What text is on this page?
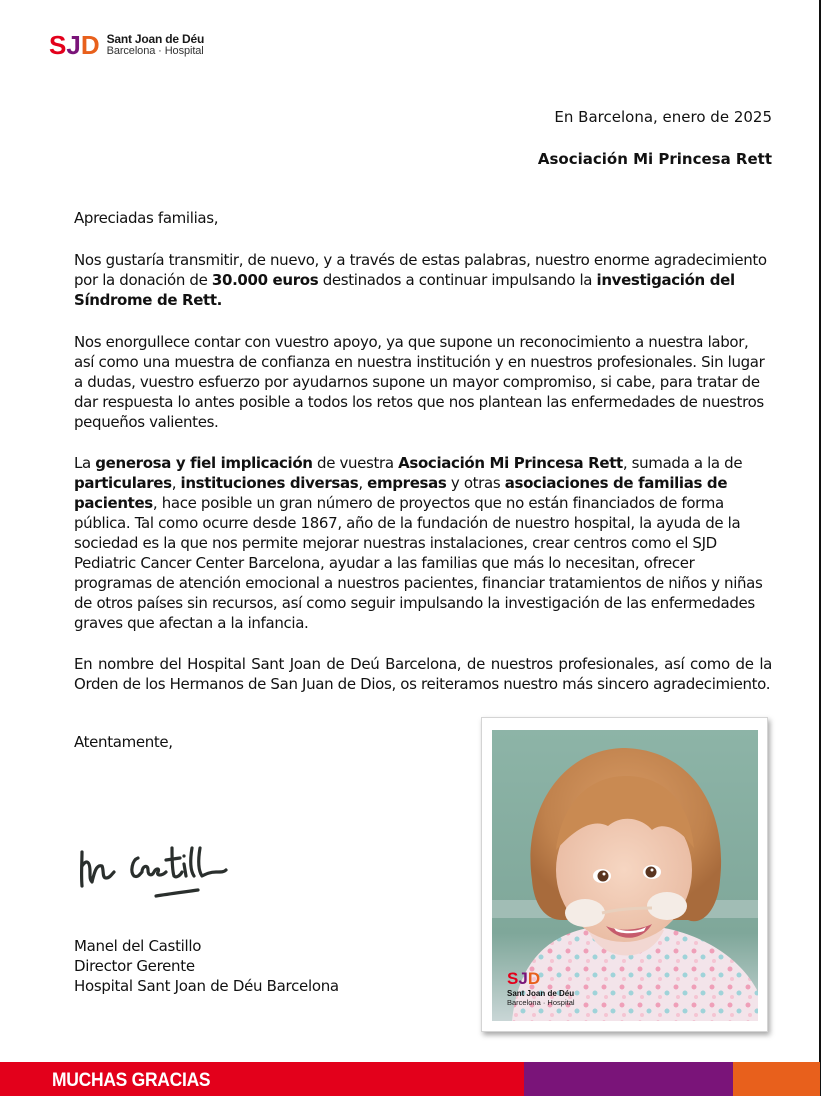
SJD Sant Joan de Déu
Barcelona · Hospital
En Barcelona, enero de 2025
Asociación Mi Princesa Rett

Apreciadas familias,

Nos gustaría transmitir, de nuevo, y a través de estas palabras, nuestro enorme agradecimiento por la donación de 30.000 euros destinados a continuar impulsando la investigación del Síndrome de Rett.

Nos enorgullece contar con vuestro apoyo, ya que supone un reconocimiento a nuestra labor, así como una muestra de confianza en nuestra institución y en nuestros profesionales. Sin lugar a dudas, vuestro esfuerzo por ayudarnos supone un mayor compromiso, si cabe, para tratar de dar respuesta lo antes posible a todos los retos que nos plantean las enfermedades de nuestros pequeños valientes.

La generosa y fiel implicación de vuestra Asociación Mi Princesa Rett, sumada a la de particulares, instituciones diversas, empresas y otras asociaciones de familias de pacientes, hace posible un gran número de proyectos que no están financiados de forma pública. Tal como ocurre desde 1867, año de la fundación de nuestro hospital, la ayuda de la sociedad es la que nos permite mejorar nuestras instalaciones, crear centros como el SJD Pediatric Cancer Center Barcelona, ayudar a las familias que más lo necesitan, ofrecer programas de atención emocional a nuestros pacientes, financiar tratamientos de niños y niñas de otros países sin recursos, así como seguir impulsando la investigación de las enfermedades graves que afectan a la infancia.

En nombre del Hospital Sant Joan de Deú Barcelona, de nuestros profesionales, así como de la Orden de los Hermanos de San Juan de Dios, os reiteramos nuestro más sincero agradecimiento.

Atentamente,
Manel del Castillo
Director Gerente
Hospital Sant Joan de Déu Barcelona	SJD
Sant Joan de Déu
Barcelona · Hospital
MUCHAS GRACIAS
